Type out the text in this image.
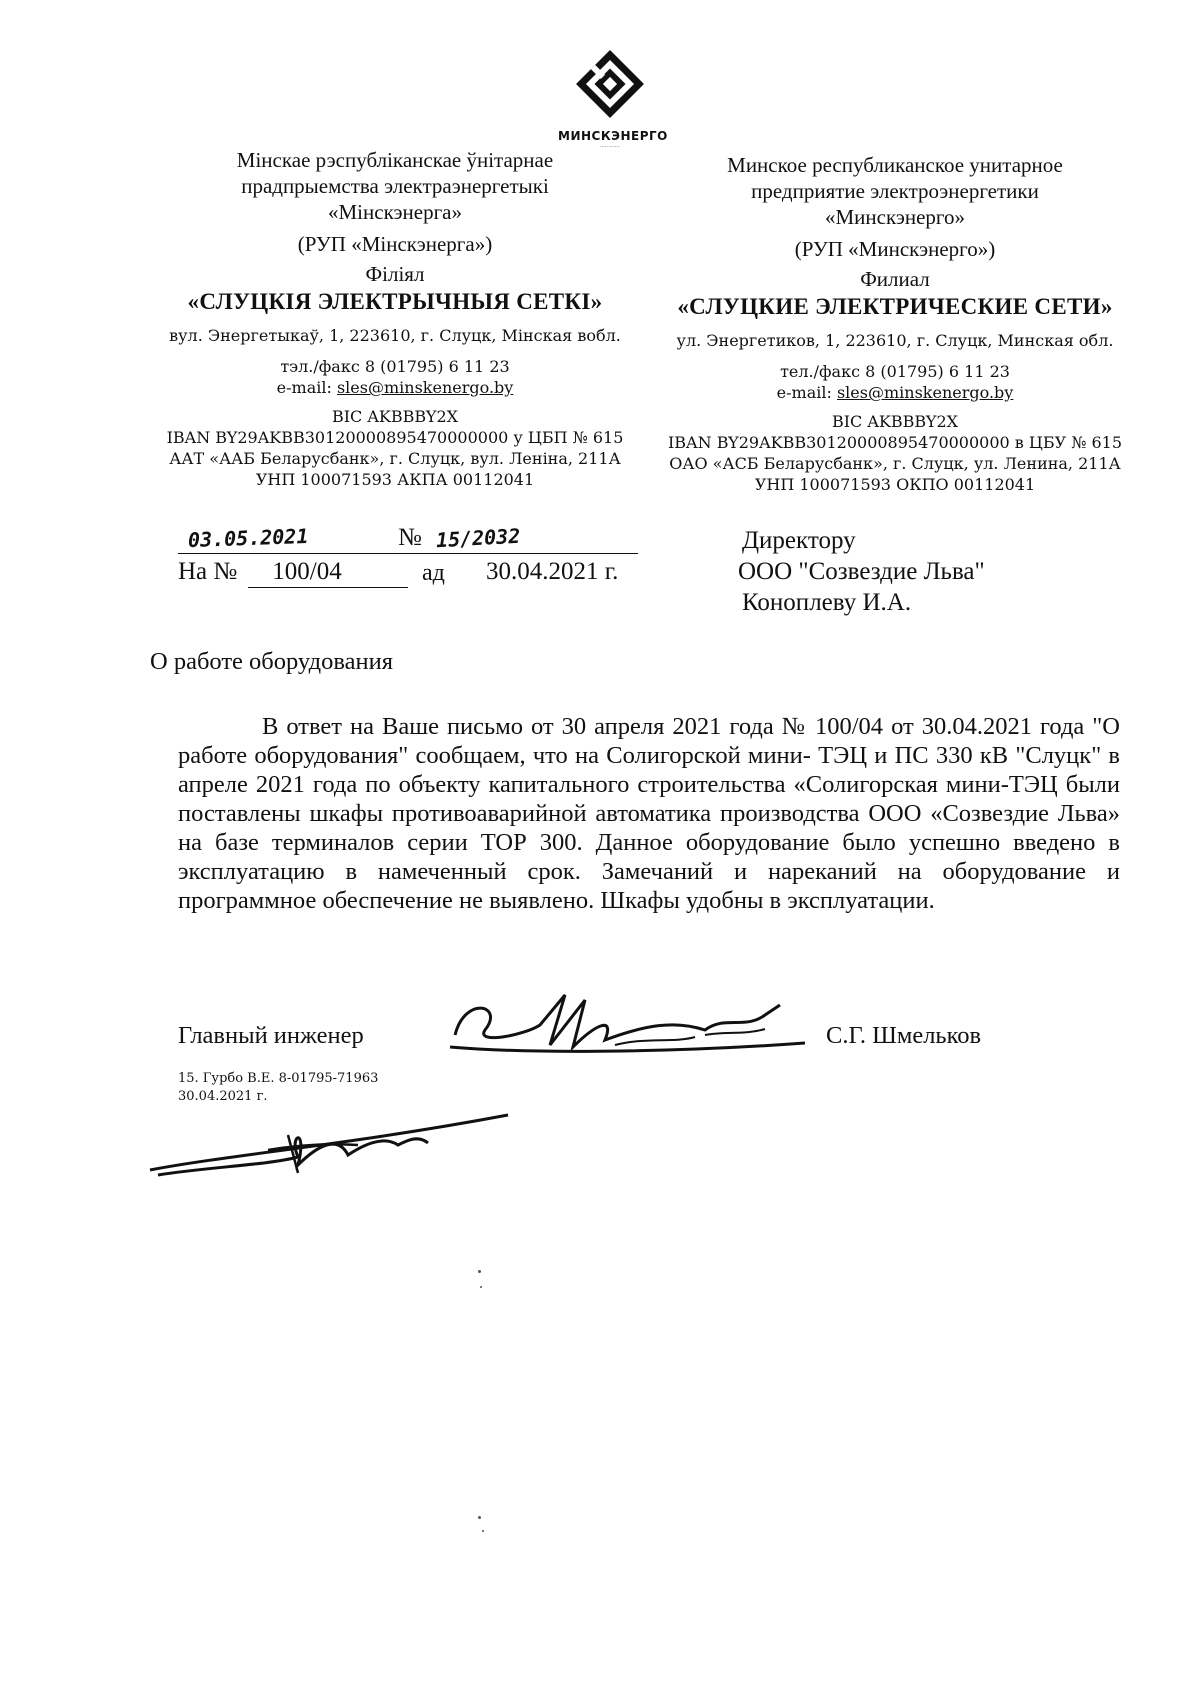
МИНСКЭНЕРГО
…………
Мінскае рэспубліканскае ўнітарнае
прадпрыемства электраэнергетыкі
«Мінскэнерга»
(РУП «Мінскэнерга»)
Філіял
«СЛУЦКІЯ ЭЛЕКТРЫЧНЫЯ СЕТКІ»
вул. Энергетыкаў, 1, 223610, г. Слуцк, Мінская вобл.
тэл./факс 8 (01795) 6 11 23
e-mail: sles@minskenergo.by
BIC AKBBBY2X
IBAN BY29AKBB30120000895470000000 у ЦБП № 615
ААТ «ААБ Беларусбанк», г. Слуцк, вул. Леніна, 211А
УНП 100071593 АКПА 00112041
Минское республиканское унитарное
предприятие электроэнергетики
«Минскэнерго»
(РУП «Минскэнерго»)
Филиал
«СЛУЦКИЕ ЭЛЕКТРИЧЕСКИЕ СЕТИ»
ул. Энергетиков, 1, 223610, г. Слуцк, Минская обл.
тел./факс 8 (01795) 6 11 23
e-mail: sles@minskenergo.by
BIC AKBBBY2X
IBAN BY29AKBB30120000895470000000 в ЦБУ № 615
ОАО «АСБ Беларусбанк», г. Слуцк, ул. Ленина, 211А
УНП 100071593 ОКПО 00112041
03.05.2021	№ 15/2032
На №	100/04	ад 30.04.2021 г.
Директору
ООО "Созвездие Льва"
Коноплеву И.А.
О работе оборудования

В ответ на Ваше письмо от 30 апреля 2021 года № 100/04 от 30.04.2021 года "О работе оборудования" сообщаем, что на Солигорской мини- ТЭЦ и ПС 330 кВ "Слуцк" в апреле 2021 года по объекту капитального строительства «Солигорская мини-ТЭЦ были поставлены шкафы противоаварийной автоматика производства ООО «Созвездие Льва» на базе терминалов серии ТОР 300. Данное оборудование было успешно введено в эксплуатацию в намеченный срок. Замечаний и нареканий на оборудование и программное обеспечение не выявлено. Шкафы удобны в эксплуатации.

Главный инженер	С.Г. Шмельков
15. Гурбо В.Е. 8-01795-71963
30.04.2021 г.
